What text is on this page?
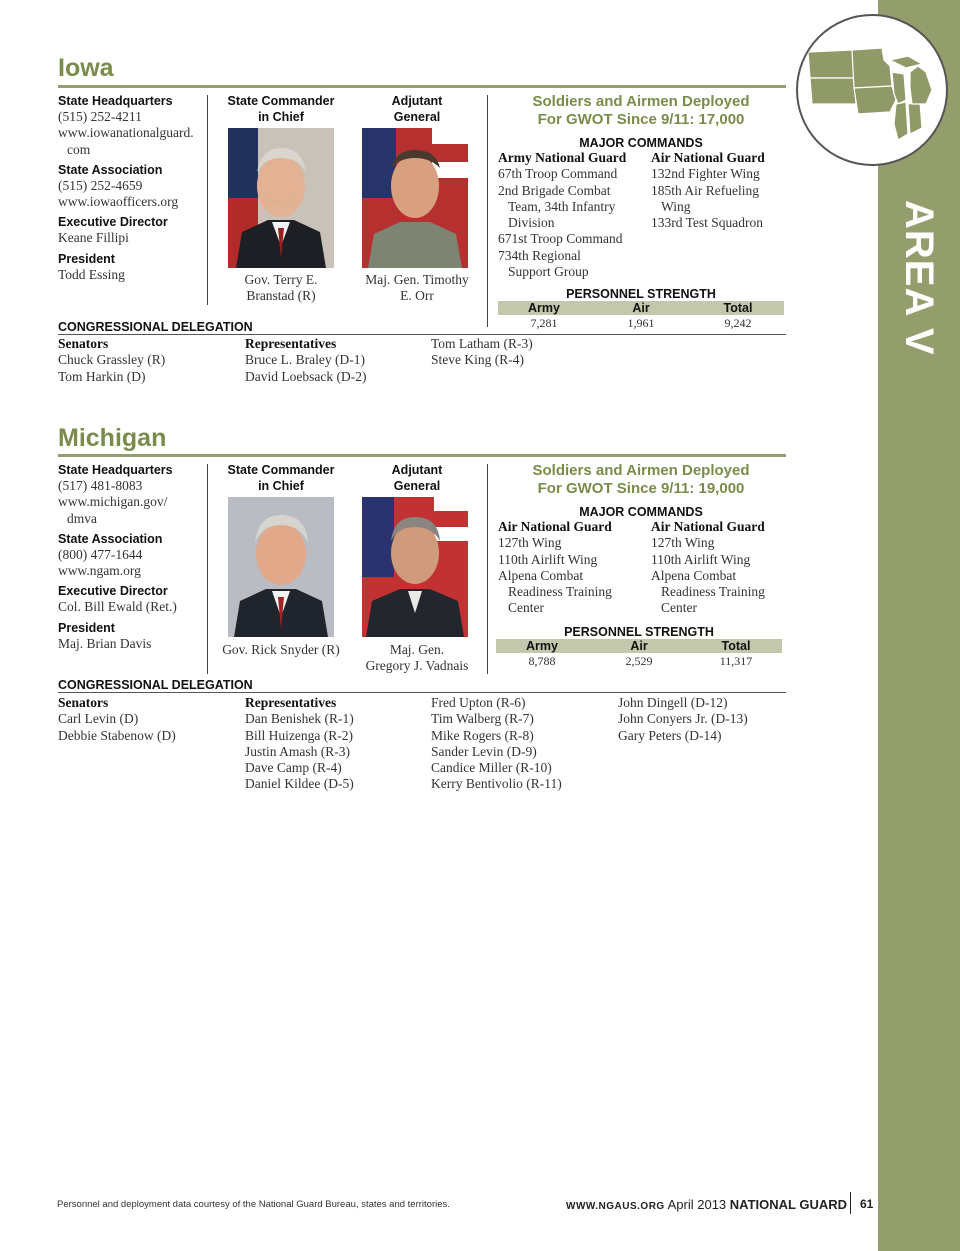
AREA V
Iowa
State Headquarters
(515) 252-4211
www.iowanationalguard.
com
State Association
(515) 252-4659
www.iowaofficers.org
Executive Director
Keane Fillipi
President
Todd Essing
State Commander
in Chief
Gov. Terry E.
Branstad (R)
Adjutant
General
Maj. Gen. Timothy
E. Orr
Soldiers and Airmen Deployed
For GWOT Since 9/11: 17,000
MAJOR COMMANDS
Army National Guard
67th Troop Command
2nd Brigade Combat
Team, 34th Infantry
Division
671st Troop Command
734th Regional
Support Group
Air National Guard
132nd Fighter Wing
185th Air Refueling
Wing
133rd Test Squadron
PERSONNEL STRENGTH
Army	Air	Total
7,281	1,961	9,242
CONGRESSIONAL DELEGATION
Senators
Chuck Grassley (R)
Tom Harkin (D)
Representatives
Bruce L. Braley (D-1)
David Loebsack (D-2)
Tom Latham (R-3)
Steve King (R-4)
Michigan
State Headquarters
(517) 481-8083
www.michigan.gov/
dmva
State Association
(800) 477-1644
www.ngam.org
Executive Director
Col. Bill Ewald (Ret.)
President
Maj. Brian Davis
State Commander
in Chief
Gov. Rick Snyder (R)
Adjutant
General
Maj. Gen.
Gregory J. Vadnais
Soldiers and Airmen Deployed
For GWOT Since 9/11: 19,000
MAJOR COMMANDS
Air National Guard
127th Wing
110th Airlift Wing
Alpena Combat
Readiness Training
Center
Air National Guard
127th Wing
110th Airlift Wing
Alpena Combat
Readiness Training
Center
PERSONNEL STRENGTH
Army	Air	Total
8,788	2,529	11,317
CONGRESSIONAL DELEGATION
Senators
Carl Levin (D)
Debbie Stabenow (D)
Representatives
Dan Benishek (R-1)
Bill Huizenga (R-2)
Justin Amash (R-3)
Dave Camp (R-4)
Daniel Kildee (D-5)
Fred Upton (R-6)
Tim Walberg (R-7)
Mike Rogers (R-8)
Sander Levin (D-9)
Candice Miller (R-10)
Kerry Bentivolio (R-11)
John Dingell (D-12)
John Conyers Jr. (D-13)
Gary Peters (D-14)
Personnel and deployment data courtesy of the National Guard Bureau, states and territories.	WWW.NGAUS.ORG April 2013 NATIONAL GUARD 61
